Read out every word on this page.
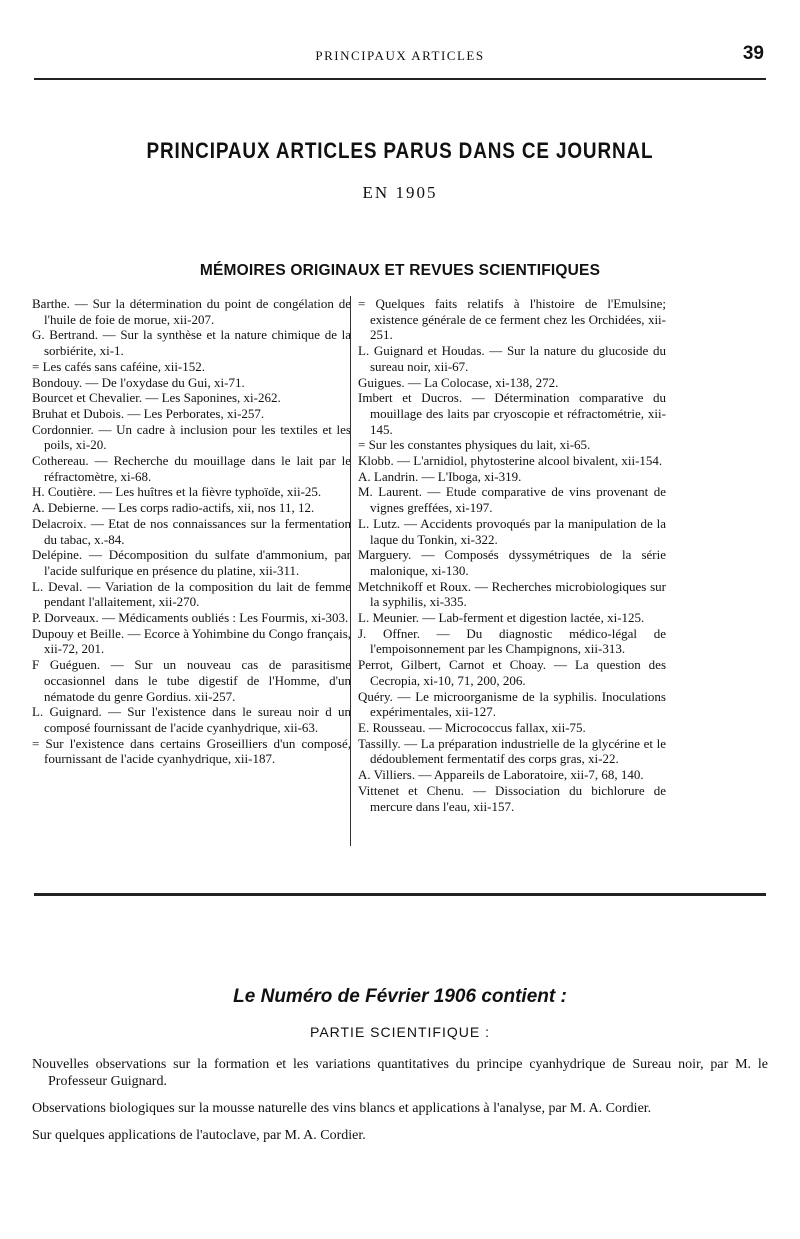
PRINCIPAUX ARTICLES	39
PRINCIPAUX ARTICLES PARUS DANS CE JOURNAL
EN 1905
MÉMOIRES ORIGINAUX ET REVUES SCIENTIFIQUES

Barthe. — Sur la détermination du point de congélation de l'huile de foie de morue, xii-207.

G. Bertrand. — Sur la synthèse et la nature chimique de la sorbiérite, xi-1.

= Les cafés sans caféine, xii-152.

Bondouy. — De l'oxydase du Gui, xi-71.

Bourcet et Chevalier. — Les Saponines, xi-262.

Bruhat et Dubois. — Les Perborates, xi-257.

Cordonnier. — Un cadre à inclusion pour les textiles et les poils, xi-20.

Cothereau. — Recherche du mouillage dans le lait par le réfractomètre, xi-68.

H. Coutière. — Les huîtres et la fièvre typhoïde, xii-25.

A. Debierne. — Les corps radio-actifs, xii, nos 11, 12.

Delacroix. — Etat de nos connaissances sur la fermentation du tabac, x.-84.

Delépine. — Décomposition du sulfate d'ammonium, par l'acide sulfurique en présence du platine, xii-311.

L. Deval. — Variation de la composition du lait de femme pendant l'allaitement, xii-270.

P. Dorveaux. — Médicaments oubliés : Les Fourmis, xi-303.

Dupouy et Beille. — Ecorce à Yohimbine du Congo français, xii-72, 201.

F Guéguen. — Sur un nouveau cas de parasitisme occasionnel dans le tube digestif de l'Homme, d'un nématode du genre Gordius. xii-257.

L. Guignard. — Sur l'existence dans le sureau noir d un composé fournissant de l'acide cyanhydrique, xii-63.

= Sur l'existence dans certains Groseilliers d'un composé, fournissant de l'acide cyanhydrique, xii-187.

= Quelques faits relatifs à l'histoire de l'Emulsine; existence générale de ce ferment chez les Orchidées, xii-251.

L. Guignard et Houdas. — Sur la nature du glucoside du sureau noir, xii-67.

Guigues. — La Colocase, xi-138, 272.

Imbert et Ducros. — Détermination comparative du mouillage des laits par cryoscopie et réfractométrie, xii-145.

= Sur les constantes physiques du lait, xi-65.

Klobb. — L'arnidiol, phytosterine alcool bivalent, xii-154.

A. Landrin. — L'Iboga, xi-319.

M. Laurent. — Etude comparative de vins provenant de vignes greffées, xi-197.

L. Lutz. — Accidents provoqués par la manipulation de la laque du Tonkin, xi-322.

Marguery. — Composés dyssymétriques de la série malonique, xi-130.

Metchnikoff et Roux. — Recherches microbiologiques sur la syphilis, xi-335.

L. Meunier. — Lab-ferment et digestion lactée, xi-125.

J. Offner. — Du diagnostic médico-légal de l'empoisonnement par les Champignons, xii-313.

Perrot, Gilbert, Carnot et Choay. — La question des Cecropia, xi-10, 71, 200, 206.

Quéry. — Le microorganisme de la syphilis. Inoculations expérimentales, xii-127.

E. Rousseau. — Micrococcus fallax, xii-75.

Tassilly. — La préparation industrielle de la glycérine et le dédoublement fermentatif des corps gras, xi-22.

A. Villiers. — Appareils de Laboratoire, xii-7, 68, 140.

Vittenet et Chenu. — Dissociation du bichlorure de mercure dans l'eau, xii-157.

Le Numéro de Février 1906 contient :
PARTIE SCIENTIFIQUE :

Nouvelles observations sur la formation et les variations quantitatives du principe cyanhydrique de Sureau noir, par M. le Professeur Guignard.

Observations biologiques sur la mousse naturelle des vins blancs et applications à l'analyse, par M. A. Cordier.

Sur quelques applications de l'autoclave, par M. A. Cordier.
